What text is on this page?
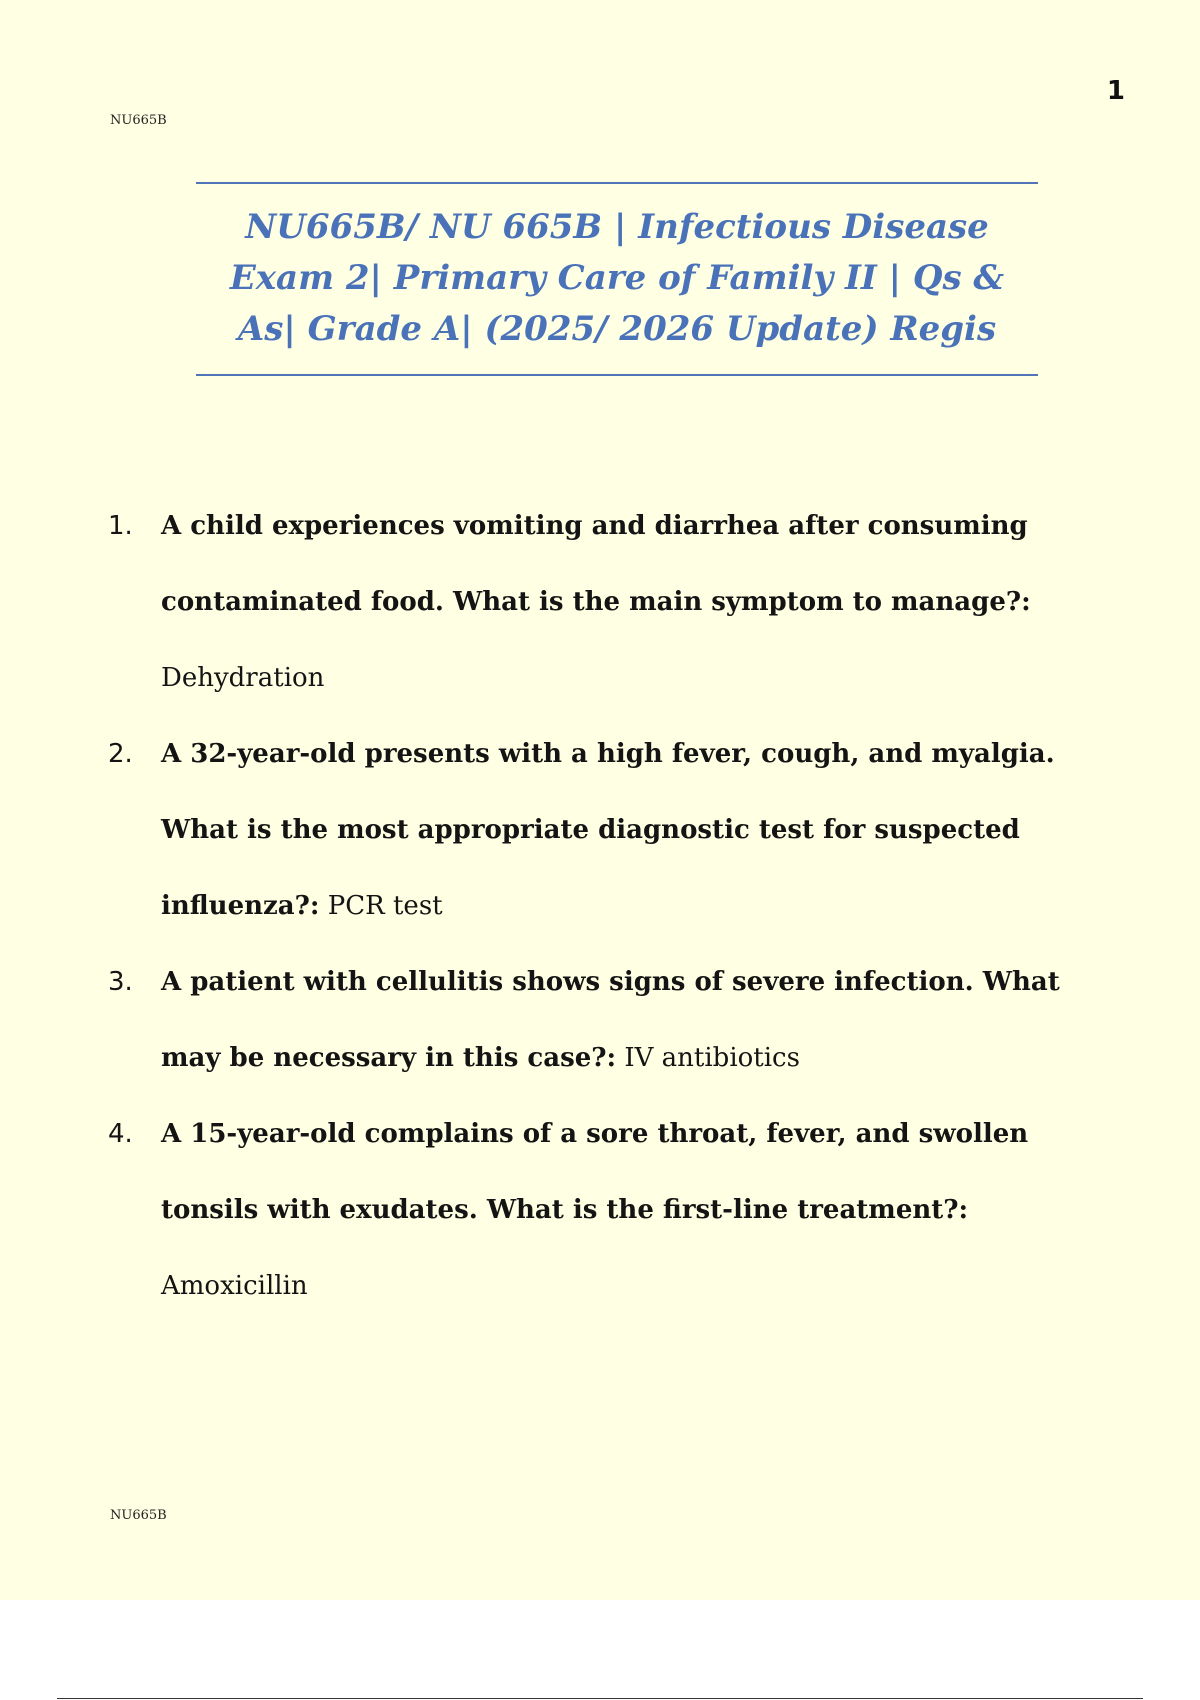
NU665B
1
NU665B/ NU 665B | Infectious Disease Exam 2| Primary Care of Family II | Qs & As| Grade A| (2025/ 2026 Update) Regis
1. A child experiences vomiting and diarrhea after consuming contaminated food. What is the main symptom to manage?: Dehydration
2. A 32-year-old presents with a high fever, cough, and myalgia. What is the most appropriate diagnostic test for suspected influenza?: PCR test
3. A patient with cellulitis shows signs of severe infection. What may be necessary in this case?: IV antibiotics
4. A 15-year-old complains of a sore throat, fever, and swollen tonsils with exudates. What is the first-line treatment?: Amoxicillin
NU665B
